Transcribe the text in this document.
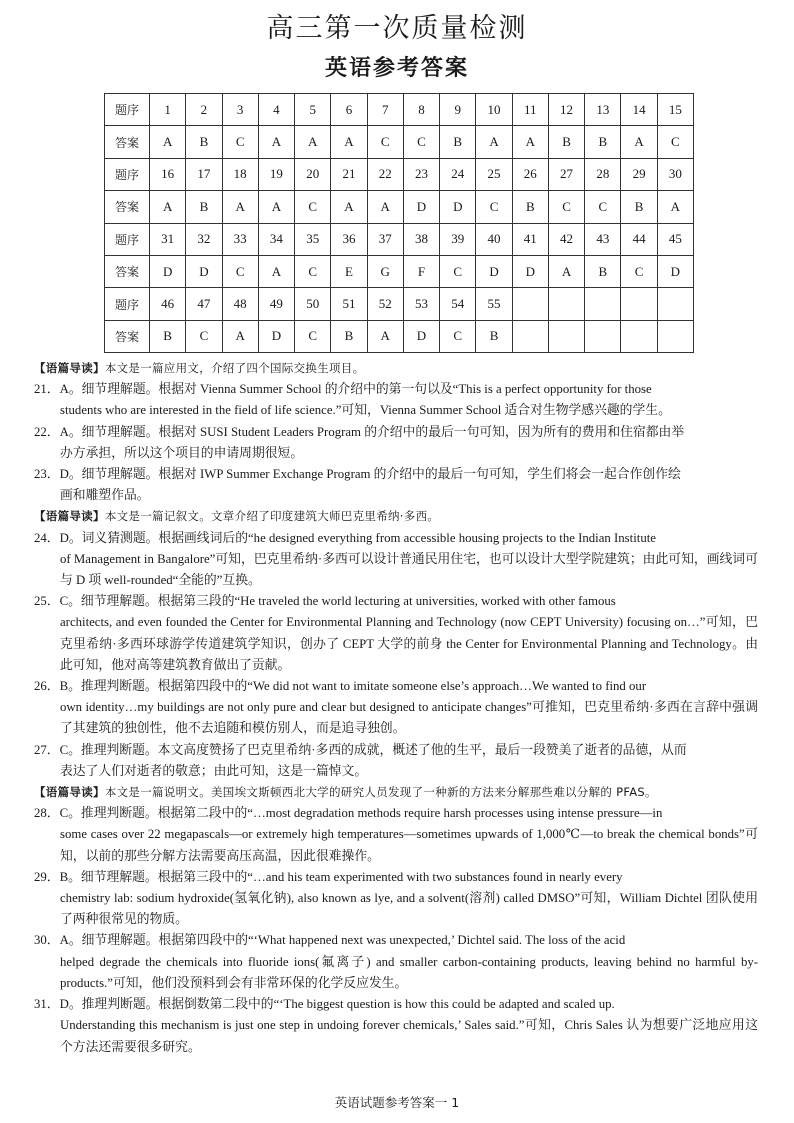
高三第一次质量检测
英语参考答案
题序	1	2	3	4	5	6	7	8	9	10	11	12	13	14	15
答案	A	B	C	A	A	A	C	C	B	A	A	B	B	A	C
题序	16	17	18	19	20	21	22	23	24	25	26	27	28	29	30
答案	A	B	A	A	C	A	A	D	D	C	B	C	C	B	A
题序	31	32	33	34	35	36	37	38	39	40	41	42	43	44	45
答案	D	D	C	A	C	E	G	F	C	D	D	A	B	C	D
题序	46	47	48	49	50	51	52	53	54	55					
答案	B	C	A	D	C	B	A	D	C	B					
【语篇导读】本文是一篇应用文，介绍了四个国际交换生项目。
21．A。细节理解题。根据对 Vienna Summer School 的介绍中的第一句以及“This is a perfect opportunity for those
students who are interested in the field of life science.”可知，Vienna Summer School 适合对生物学感兴趣的学生。
22．A。细节理解题。根据对 SUSI Student Leaders Program 的介绍中的最后一句可知，因为所有的费用和住宿都由举
办方承担，所以这个项目的申请周期很短。
23．D。细节理解题。根据对 IWP Summer Exchange Program 的介绍中的最后一句可知，学生们将会一起合作创作绘
画和雕塑作品。
【语篇导读】本文是一篇记叙文。文章介绍了印度建筑大师巴克里希纳·多西。
24．D。词义猜测题。根据画线词后的“he designed everything from accessible housing projects to the Indian Institute
of Management in Bangalore”可知，巴克里希纳·多西可以设计普通民用住宅，也可以设计大型学院建筑；由此可知，画线词可与 D 项 well-rounded“全能的”互换。
25．C。细节理解题。根据第三段的“He traveled the world lecturing at universities, worked with other famous
architects, and even founded the Center for Environmental Planning and Technology (now CEPT University) focusing on…”可知，巴克里希纳·多西环球游学传道建筑学知识，创办了 CEPT 大学的前身 the Center for Environmental Planning and Technology。由此可知，他对高等建筑教育做出了贡献。
26．B。推理判断题。根据第四段中的“We did not want to imitate someone else’s approach…We wanted to find our
own identity…my buildings are not only pure and clear but designed to anticipate changes”可推知，巴克里希纳·多西在言辞中强调了其建筑的独创性，他不去追随和模仿别人，而是追寻独创。
27．C。推理判断题。本文高度赞扬了巴克里希纳·多西的成就，概述了他的生平，最后一段赞美了逝者的品德，从而
表达了人们对逝者的敬意；由此可知，这是一篇悼文。
【语篇导读】本文是一篇说明文。美国埃文斯顿西北大学的研究人员发现了一种新的方法来分解那些难以分解的 PFAS。
28．C。推理判断题。根据第二段中的“…most degradation methods require harsh processes using intense pressure—in
some cases over 22 megapascals—or extremely high temperatures—sometimes upwards of 1,000℃—to break the chemical bonds”可知，以前的那些分解方法需要高压高温，因此很难操作。
29．B。细节理解题。根据第三段中的“…and his team experimented with two substances found in nearly every
chemistry lab: sodium hydroxide(氢氧化钠), also known as lye, and a solvent(溶剂) called DMSO”可知，William Dichtel 团队使用了两种很常见的物质。
30．A。细节理解题。根据第四段中的“‘What happened next was unexpected,’ Dichtel said. The loss of the acid
helped degrade the chemicals into fluoride ions(氟离子) and smaller carbon-containing products, leaving behind no harmful by-products.”可知，他们没预料到会有非常环保的化学反应发生。
31．D。推理判断题。根据倒数第二段中的“‘The biggest question is how this could be adapted and scaled up.
Understanding this mechanism is just one step in undoing forever chemicals,’ Sales said.”可知，Chris Sales 认为想要广泛地应用这个方法还需要很多研究。
英语试题参考答案一 1
